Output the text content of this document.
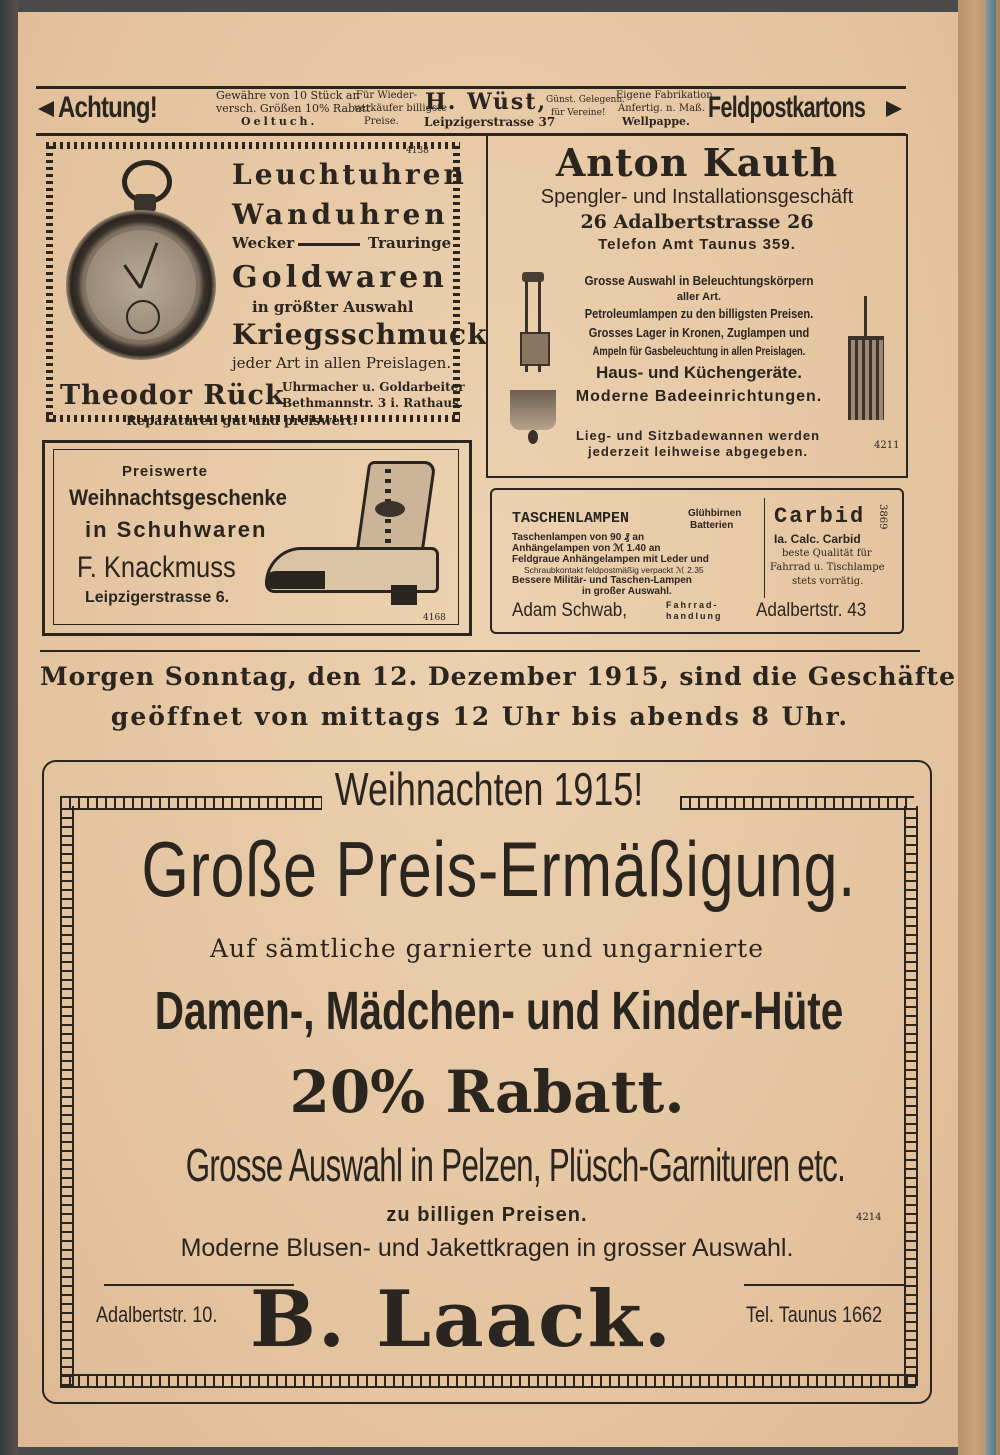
Achtung!	Gewähre von 10 Stück an
versch. Größen 10% Rabatt
Oeltuch.
Für Wieder-
verkäufer billigste
Preise.
H. Wüst,
Leipzigerstrasse 37
Günst. Gelegenh.
für Vereine!
Eigene Fabrikation
Anfertig. n. Maß.
Wellpappe. Feldpostkartons
4138
Leuchtuhren
Wanduhren
Wecker	Trauringe
Goldwaren
in größter Auswahl
Kriegsschmuck
jeder Art in allen Preislagen.
Theodor Rück
Uhrmacher u. Goldarbeiter
Bethmannstr. 3 i. Rathaus.
Reparaturen gut und preiswert.
Anton Kauth
Spengler- und Installationsgeschäft
26 Adalbertstrasse 26
Telefon Amt Taunus 359.
Grosse Auswahl in Beleuchtungskörpern
aller Art.
Petroleumlampen zu den billigsten Preisen.
Grosses Lager in Kronen, Zuglampen und
Ampeln für Gasbeleuchtung in allen Preislagen.
Haus- und Küchengeräte.
Moderne Badeeinrichtungen.
Lieg- und Sitzbadewannen werden
jederzeit leihweise abgegeben.	4211
Preiswerte
Weihnachtsgeschenke
in Schuhwaren
F. Knackmuss
Leipzigerstrasse 6.
4168
TASCHENLAMPEN	Glühbirnen
Batterien
Taschenlampen von 90 ₰ an
Anhängelampen von ℳ 1.40 an
Feldgraue Anhängelampen mit Leder und
Schraubkontakt feldpostmäßig verpackt ℳ 2.35
Bessere Militär- und Taschen-Lampen
in großer Auswahl.
Adam Schwab,	Fahrrad-
handlung Adalbertstr. 43
Carbid
Ia. Calc. Carbid
beste Qualität für
Fahrrad u. Tischlampe
stets vorrätig.
3869
Morgen Sonntag, den 12. Dezember 1915, sind die Geschäfte
geöffnet von mittags 12 Uhr bis abends 8 Uhr.
Weihnachten 1915!
Große Preis-Ermäßigung.
Auf sämtliche garnierte und ungarnierte
Damen-, Mädchen- und Kinder-Hüte
20% Rabatt.
Grosse Auswahl in Pelzen, Plüsch-Garnituren etc.
zu billigen Preisen.	4214
Moderne Blusen- und Jakettkragen in grosser Auswahl.
Adalbertstr. 10. B. Laack.	Tel. Taunus 1662
